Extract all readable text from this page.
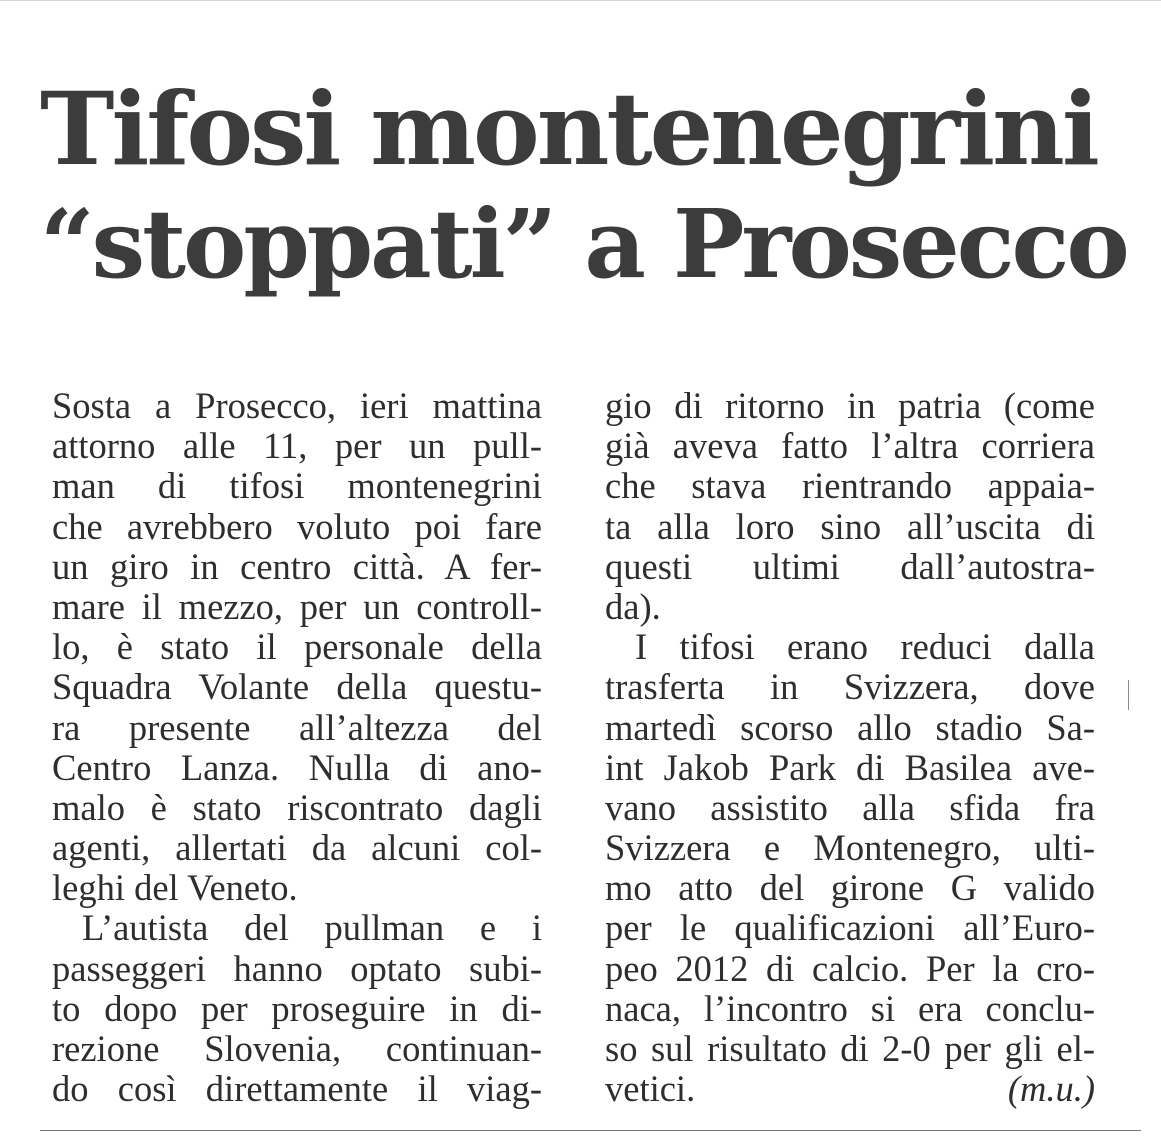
Tifosi montenegrini
“stoppati” a Prosecco
Sosta a Prosecco, ieri mattina
attorno alle 11, per un pull-
man di tifosi montenegrini
che avrebbero voluto poi fare
un giro in centro città. A fer-
mare il mezzo, per un controll-
lo, è stato il personale della
Squadra Volante della questu-
ra presente all’altezza del
Centro Lanza. Nulla di ano-
malo è stato riscontrato dagli
agenti, allertati da alcuni col-
leghi del Veneto.
L’autista del pullman e i
passeggeri hanno optato subi-
to dopo per proseguire in di-
rezione Slovenia, continuan-
do così direttamente il viag-
gio di ritorno in patria (come
già aveva fatto l’altra corriera
che stava rientrando appaia-
ta alla loro sino all’uscita di
questi ultimi dall’autostra-
da).
I tifosi erano reduci dalla
trasferta in Svizzera, dove
martedì scorso allo stadio Sa-
int Jakob Park di Basilea ave-
vano assistito alla sfida fra
Svizzera e Montenegro, ulti-
mo atto del girone G valido
per le qualificazioni all’Euro-
peo 2012 di calcio. Per la cro-
naca, l’incontro si era conclu-
so sul risultato di 2-0 per gli el-
vetici.	(m.u.)
